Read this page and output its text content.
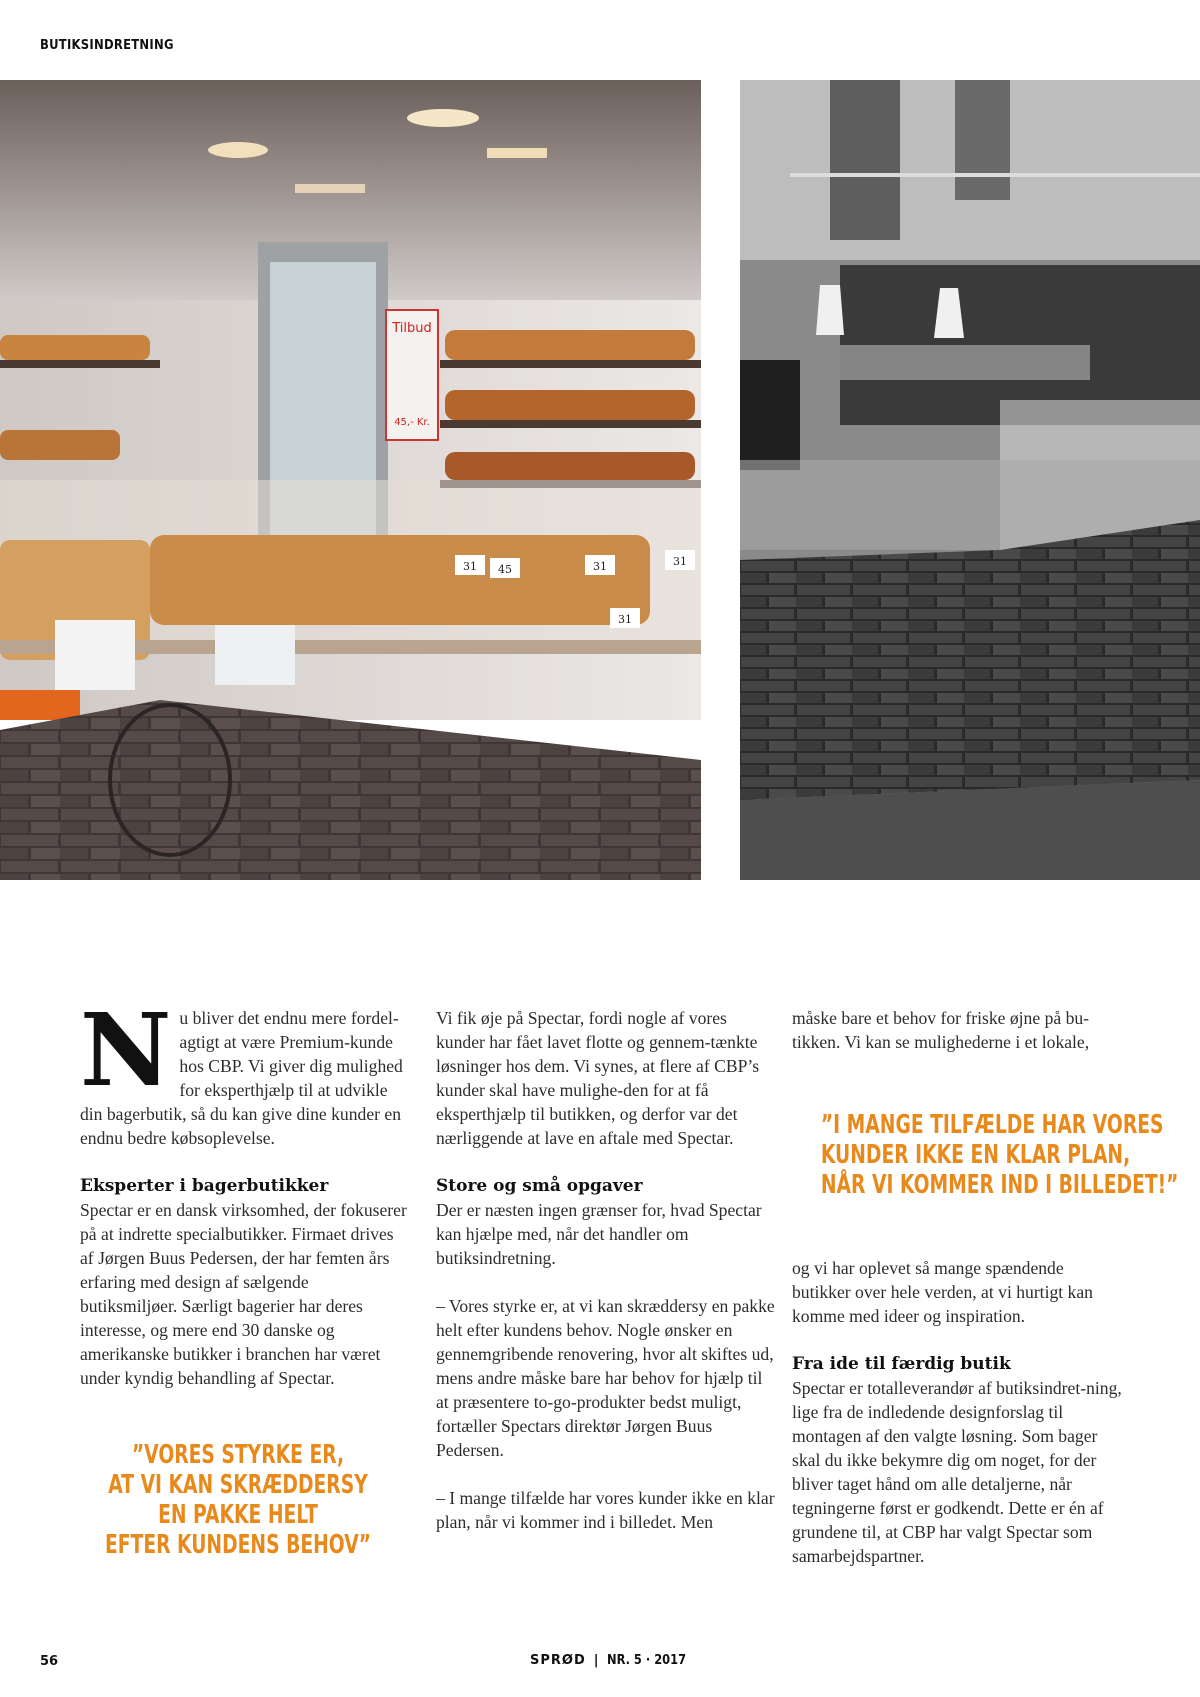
BUTIKSINDRETNING
Tilbud
45,- Kr.
31 45	31	31
31
N u bliver det endnu mere fordel-agtigt at være Premium-kunde hos CBP. Vi giver dig mulighed for eksperthjælp til at udvikle din bagerbutik, så du kan give dine kunder en endnu bedre købsoplevelse.

Eksperter i bagerbutikker

Spectar er en dansk virksomhed, der fokuserer på at indrette specialbutikker. Firmaet drives af Jørgen Buus Pedersen, der har femten års erfaring med design af sælgende butiksmiljøer. Særligt bagerier har deres interesse, og mere end 30 danske og amerikanske butikker i branchen har været under kyndig behandling af Spectar.

Vi fik øje på Spectar, fordi nogle af vores kunder har fået lavet flotte og gennem-tænkte løsninger hos dem. Vi synes, at flere af CBP’s kunder skal have mulighe-den for at få eksperthjælp til butikken, og derfor var det nærliggende at lave en aftale med Spectar.

Store og små opgaver

Der er næsten ingen grænser for, hvad Spectar kan hjælpe med, når det handler om butiksindretning.

– Vores styrke er, at vi kan skræddersy en pakke helt efter kundens behov. Nogle ønsker en gennemgribende renovering, hvor alt skiftes ud, mens andre måske bare har behov for hjælp til at præsentere to-go-produkter bedst muligt, fortæller Spectars direktør Jørgen Buus Pedersen.

– I mange tilfælde har vores kunder ikke en klar plan, når vi kommer ind i billedet. Men

måske bare et behov for friske øjne på bu-tikken. Vi kan se mulighederne i et lokale,

og vi har oplevet så mange spændende butikker over hele verden, at vi hurtigt kan komme med ideer og inspiration.

Fra ide til færdig butik

Spectar er totalleverandør af butiksindret-ning, lige fra de indledende designforslag til montagen af den valgte løsning. Som bager skal du ikke bekymre dig om noget, for der bliver taget hånd om alle detaljerne, når tegningerne først er godkendt. Dette er én af grundene til, at CBP har valgt Spectar som samarbejdspartner.

”VORES STYRKE ER,
AT VI KAN SKRÆDDERSY
EN PAKKE HELT
EFTER KUNDENS BEHOV”
”I MANGE TILFÆLDE HAR VORES
KUNDER IKKE EN KLAR PLAN,
NÅR VI KOMMER IND I BILLEDET!”
56	SPRØD | NR. 5 · 2017
